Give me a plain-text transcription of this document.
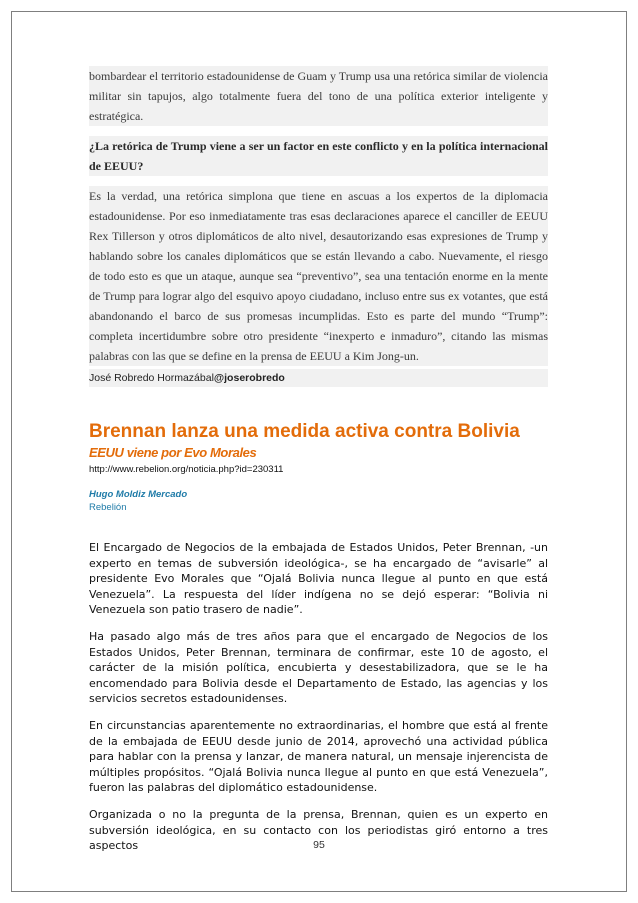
bombardear el territorio estadounidense de Guam y Trump usa una retórica similar de violencia militar sin tapujos, algo totalmente fuera del tono de una política exterior inteligente y estratégica.
¿La retórica de Trump viene a ser un factor en este conflicto y en la política internacional de EEUU?
Es la verdad, una retórica simplona que tiene en ascuas a los expertos de la diplomacia estadounidense. Por eso inmediatamente tras esas declaraciones aparece el canciller de EEUU Rex Tillerson y otros diplomáticos de alto nivel, desautorizando esas expresiones de Trump y hablando sobre los canales diplomáticos que se están llevando a cabo. Nuevamente, el riesgo de todo esto es que un ataque, aunque sea “preventivo”, sea una tentación enorme en la mente de Trump para lograr algo del esquivo apoyo ciudadano, incluso entre sus ex votantes, que está abandonando el barco de sus promesas incumplidas. Esto es parte del mundo “Trump”: completa incertidumbre sobre otro presidente “inexperto e inmaduro”, citando las mismas palabras con las que se define en la prensa de EEUU a Kim Jong-un.
José Robredo Hormazábal@joserobredo
Brennan lanza una medida activa contra Bolivia
EEUU viene por Evo Morales
http://www.rebelion.org/noticia.php?id=230311
Hugo Moldiz Mercado
Rebelión

El Encargado de Negocios de la embajada de Estados Unidos, Peter Brennan, -un experto en temas de subversión ideológica-, se ha encargado de “avisarle” al presidente Evo Morales que “Ojalá Bolivia nunca llegue al punto en que está Venezuela”. La respuesta del líder indígena no se dejó esperar: “Bolivia ni Venezuela son patio trasero de nadie”.

Ha pasado algo más de tres años para que el encargado de Negocios de los Estados Unidos, Peter Brennan, terminara de confirmar, este 10 de agosto, el carácter de la misión política, encubierta y desestabilizadora, que se le ha encomendado para Bolivia desde el Departamento de Estado, las agencias y los servicios secretos estadounidenses.

En circunstancias aparentemente no extraordinarias, el hombre que está al frente de la embajada de EEUU desde junio de 2014, aprovechó una actividad pública para hablar con la prensa y lanzar, de manera natural, un mensaje injerencista de múltiples propósitos. “Ojalá Bolivia nunca llegue al punto en que está Venezuela”, fueron las palabras del diplomático estadounidense.

Organizada o no la pregunta de la prensa, Brennan, quien es un experto en subversión ideológica, en su contacto con los periodistas giró entorno a tres aspectos	95
